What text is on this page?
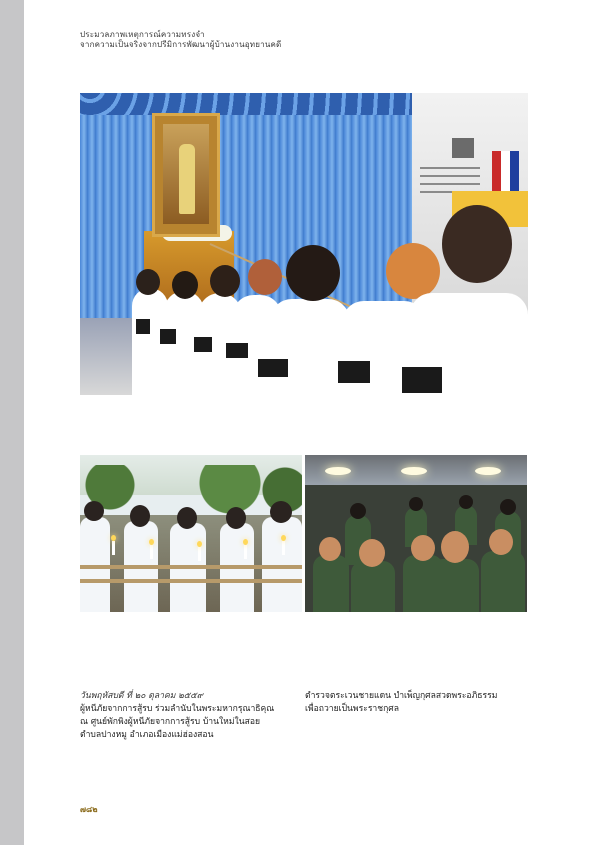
ประมวลภาพเหตุการณ์ความทรงจำ
จากความเป็นจริงจากปรีมิการพัฒนาผู้บ้านงานอุทยานคดี
วันพฤหัสบดี ที่ ๒๐ ตุลาคม ๒๕๕๙
ผู้หนีภัยจากการสู้รบ ร่วมลำนับในพระมหากรุณาธิคุณ
ณ ศูนย์พักพิงผู้หนีภัยจากการสู้รบ บ้านใหม่ในสอย
ตำบลปางหมู อำเภอเมืองแม่ฮ่องสอน
ตำรวจตระเวนชายแดน บำเพ็ญกุศลสวดพระอภิธรรม
เพื่อถวายเป็นพระราชกุศล
๗๘๒
